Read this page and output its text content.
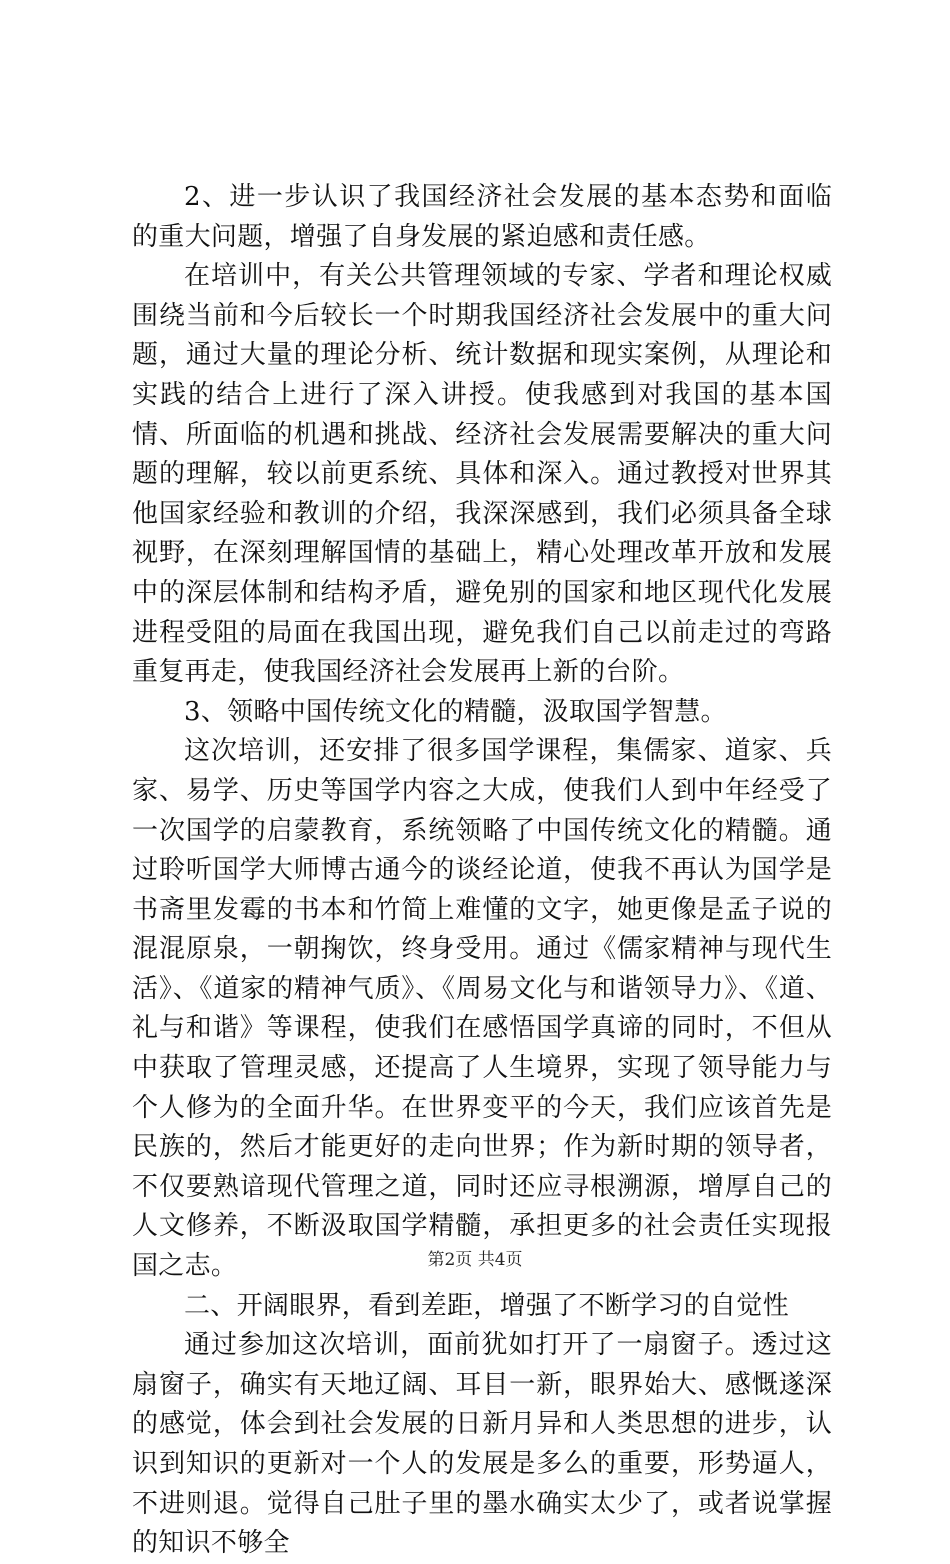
2、进一步认识了我国经济社会发展的基本态势和面临的重大问题，增强了自身发展的紧迫感和责任感。

在培训中，有关公共管理领域的专家、学者和理论权威围绕当前和今后较长一个时期我国经济社会发展中的重大问题，通过大量的理论分析、统计数据和现实案例，从理论和实践的结合上进行了深入讲授。使我感到对我国的基本国情、所面临的机遇和挑战、经济社会发展需要解决的重大问题的理解，较以前更系统、具体和深入。通过教授对世界其他国家经验和教训的介绍，我深深感到，我们必须具备全球视野，在深刻理解国情的基础上，精心处理改革开放和发展中的深层体制和结构矛盾，避免别的国家和地区现代化发展进程受阻的局面在我国出现，避免我们自己以前走过的弯路重复再走，使我国经济社会发展再上新的台阶。

3、领略中国传统文化的精髓，汲取国学智慧。

这次培训，还安排了很多国学课程，集儒家、道家、兵家、易学、历史等国学内容之大成，使我们人到中年经受了一次国学的启蒙教育，系统领略了中国传统文化的精髓。通过聆听国学大师博古通今的谈经论道，使我不再认为国学是书斋里发霉的书本和竹简上难懂的文字，她更像是孟子说的混混原泉，一朝掬饮，终身受用。通过《儒家精神与现代生活》、《道家的精神气质》、《周易文化与和谐领导力》、《道、礼与和谐》等课程，使我们在感悟国学真谛的同时，不但从中获取了管理灵感，还提高了人生境界，实现了领导能力与个人修为的全面升华。在世界变平的今天，我们应该首先是民族的，然后才能更好的走向世界；作为新时期的领导者，不仅要熟谙现代管理之道，同时还应寻根溯源，增厚自己的人文修养，不断汲取国学精髓，承担更多的社会责任实现报国之志。

二、开阔眼界，看到差距，增强了不断学习的自觉性

通过参加这次培训，面前犹如打开了一扇窗子。透过这扇窗子，确实有天地辽阔、耳目一新，眼界始大、感慨遂深的感觉，体会到社会发展的日新月异和人类思想的进步，认识到知识的更新对一个人的发展是多么的重要，形势逼人，不进则退。觉得自己肚子里的墨水确实太少了，或者说掌握的知识不够全

第2页 共4页
